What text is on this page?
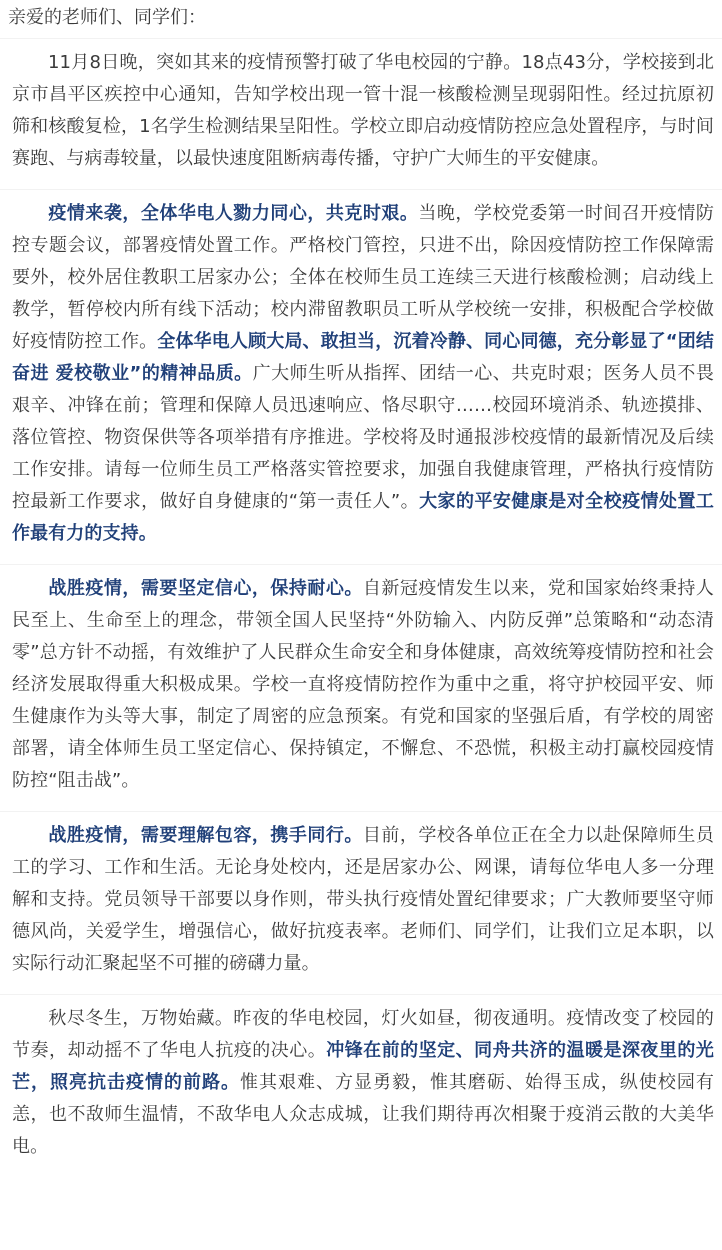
亲爱的老师们、同学们：

11月8日晚，突如其来的疫情预警打破了华电校园的宁静。18点43分，学校接到北京市昌平区疾控中心通知，告知学校出现一管十混一核酸检测呈现弱阳性。经过抗原初筛和核酸复检，1名学生检测结果呈阳性。学校立即启动疫情防控应急处置程序，与时间赛跑、与病毒较量，以最快速度阻断病毒传播，守护广大师生的平安健康。

疫情来袭，全体华电人勠力同心，共克时艰。当晚，学校党委第一时间召开疫情防控专题会议，部署疫情处置工作。严格校门管控，只进不出，除因疫情防控工作保障需要外，校外居住教职工居家办公；全体在校师生员工连续三天进行核酸检测；启动线上教学，暂停校内所有线下活动；校内滞留教职员工听从学校统一安排，积极配合学校做好疫情防控工作。全体华电人顾大局、敢担当，沉着冷静、同心同德，充分彰显了“团结奋进 爱校敬业”的精神品质。广大师生听从指挥、团结一心、共克时艰；医务人员不畏艰辛、冲锋在前；管理和保障人员迅速响应、恪尽职守……校园环境消杀、轨迹摸排、落位管控、物资保供等各项举措有序推进。学校将及时通报涉校疫情的最新情况及后续工作安排。请每一位师生员工严格落实管控要求，加强自我健康管理，严格执行疫情防控最新工作要求，做好自身健康的“第一责任人”。大家的平安健康是对全校疫情处置工作最有力的支持。

战胜疫情，需要坚定信心，保持耐心。自新冠疫情发生以来，党和国家始终秉持人民至上、生命至上的理念，带领全国人民坚持“外防输入、内防反弹”总策略和“动态清零”总方针不动摇，有效维护了人民群众生命安全和身体健康，高效统筹疫情防控和社会经济发展取得重大积极成果。学校一直将疫情防控作为重中之重，将守护校园平安、师生健康作为头等大事，制定了周密的应急预案。有党和国家的坚强后盾，有学校的周密部署，请全体师生员工坚定信心、保持镇定，不懈怠、不恐慌，积极主动打赢校园疫情防控“阻击战”。

战胜疫情，需要理解包容，携手同行。目前，学校各单位正在全力以赴保障师生员工的学习、工作和生活。无论身处校内，还是居家办公、网课，请每位华电人多一分理解和支持。党员领导干部要以身作则，带头执行疫情处置纪律要求；广大教师要坚守师德风尚，关爱学生，增强信心，做好抗疫表率。老师们、同学们，让我们立足本职，以实际行动汇聚起坚不可摧的磅礴力量。

秋尽冬生，万物始藏。昨夜的华电校园，灯火如昼，彻夜通明。疫情改变了校园的节奏，却动摇不了华电人抗疫的决心。冲锋在前的坚定、同舟共济的温暖是深夜里的光芒，照亮抗击疫情的前路。惟其艰难、方显勇毅，惟其磨砺、始得玉成，纵使校园有恙，也不敌师生温情，不敌华电人众志成城，让我们期待再次相聚于疫消云散的大美华电。
